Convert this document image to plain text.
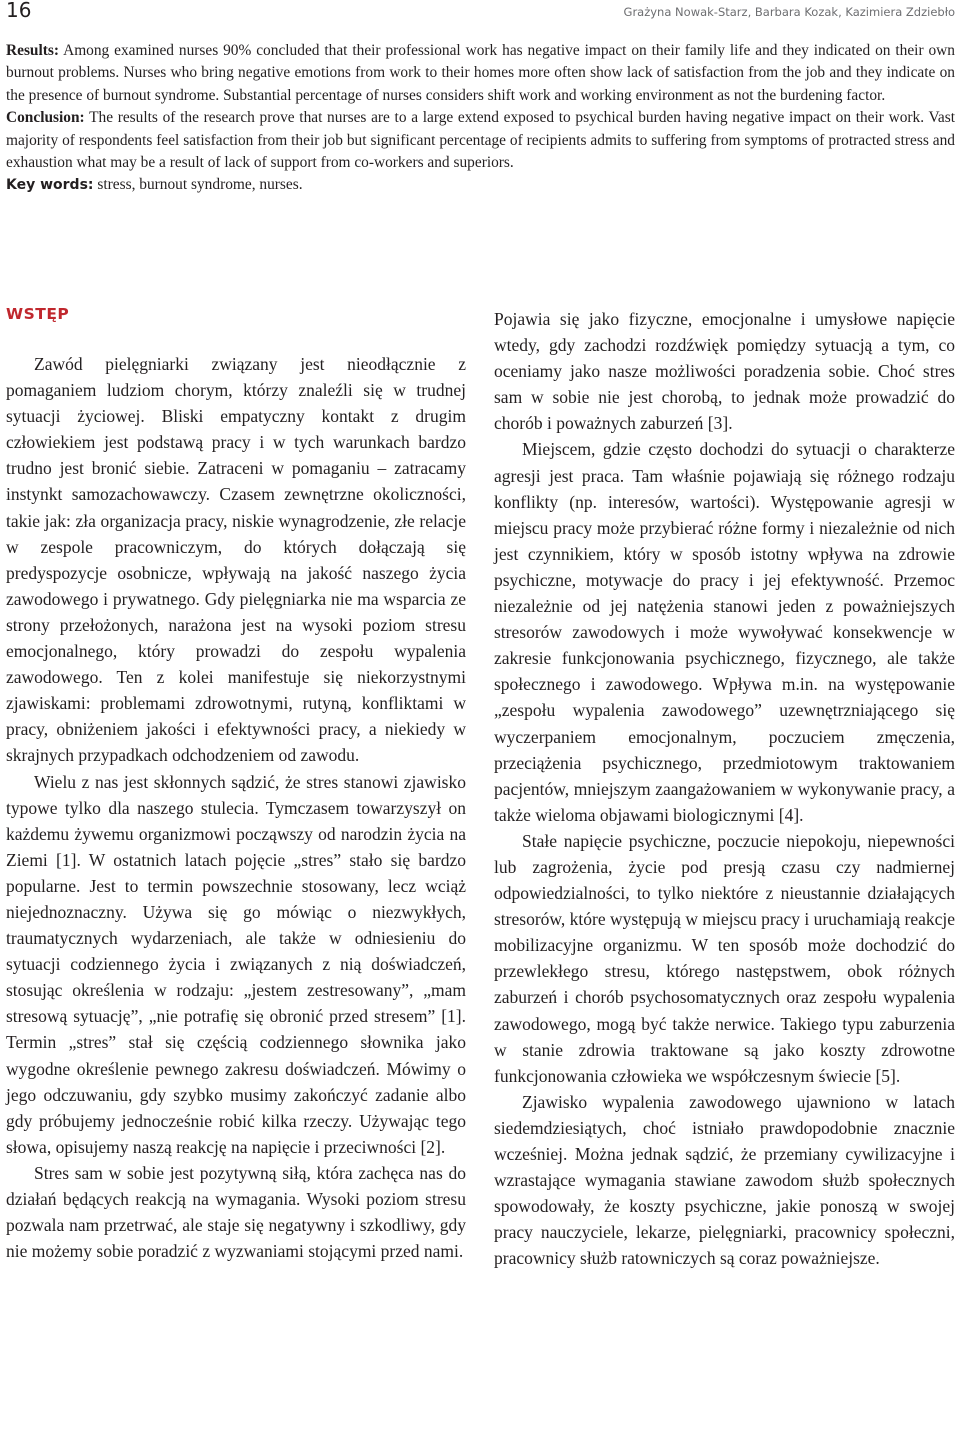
16	Grażyna Nowak-Starz, Barbara Kozak, Kazimiera Zdziebło

Results: Among examined nurses 90% concluded that their professional work has negative impact on their family life and they indicated on their own burnout problems. Nurses who bring negative emotions from work to their homes more often show lack of satisfaction from the job and they indicate on the presence of burnout syndrome. Substantial percentage of nurses considers shift work and working environment as not the burdening factor.

Conclusion: The results of the research prove that nurses are to a large extend exposed to psychical burden having negative impact on their work. Vast majority of respondents feel satisfaction from their job but significant percentage of recipients admits to suffering from symptoms of protracted stress and exhaustion what may be a result of lack of support from co-workers and superiors.

Key words: stress, burnout syndrome, nurses.

WSTĘP

Zawód pielęgniarki związany jest nieodłącznie z pomaganiem ludziom chorym, którzy znaleźli się w trudnej sytuacji życiowej. Bliski empatyczny kontakt z drugim człowiekiem jest podstawą pracy i w tych warunkach bardzo trudno jest bronić siebie. Zatraceni w pomaganiu – zatracamy instynkt samozachowawczy. Czasem zewnętrzne okoliczności, takie jak: zła organizacja pracy, niskie wynagrodzenie, złe relacje w zespole pracowniczym, do których dołączają się predyspozycje osobnicze, wpływają na jakość naszego życia zawodowego i prywatnego. Gdy pielęgniarka nie ma wsparcia ze strony przełożonych, narażona jest na wysoki poziom stresu emocjonalnego, który prowadzi do zespołu wypalenia zawodowego. Ten z kolei manifestuje się niekorzystnymi zjawiskami: problemami zdrowotnymi, rutyną, konfliktami w pracy, obniżeniem jakości i efektywności pracy, a niekiedy w skrajnych przypadkach odchodzeniem od zawodu.

Wielu z nas jest skłonnych sądzić, że stres stanowi zjawisko typowe tylko dla naszego stulecia. Tymczasem towarzyszył on każdemu żywemu organizmowi począwszy od narodzin życia na Ziemi [1]. W ostatnich latach pojęcie „stres” stało się bardzo popularne. Jest to termin powszechnie stosowany, lecz wciąż niejednoznaczny. Używa się go mówiąc o niezwykłych, traumatycznych wydarzeniach, ale także w odniesieniu do sytuacji codziennego życia i związanych z nią doświadczeń, stosując określenia w rodzaju: „jestem zestresowany”, „mam stresową sytuację”, „nie potrafię się obronić przed stresem” [1]. Termin „stres” stał się częścią codziennego słownika jako wygodne określenie pewnego zakresu doświadczeń. Mówimy o jego odczuwaniu, gdy szybko musimy zakończyć zadanie albo gdy próbujemy jednocześnie robić kilka rzeczy. Używając tego słowa, opisujemy naszą reakcję na napięcie i przeciwności [2].

Stres sam w sobie jest pozytywną siłą, która zachęca nas do działań będących reakcją na wymagania. Wysoki poziom stresu pozwala nam przetrwać, ale staje się negatywny i szkodliwy, gdy nie możemy sobie poradzić z wyzwaniami stojącymi przed nami.

Pojawia się jako fizyczne, emocjonalne i umysłowe napięcie wtedy, gdy zachodzi rozdźwięk pomiędzy sytuacją a tym, co oceniamy jako nasze możliwości poradzenia sobie. Choć stres sam w sobie nie jest chorobą, to jednak może prowadzić do chorób i poważnych zaburzeń [3].

Miejscem, gdzie często dochodzi do sytuacji o charakterze agresji jest praca. Tam właśnie pojawiają się różnego rodzaju konflikty (np. interesów, wartości). Występowanie agresji w miejscu pracy może przybierać różne formy i niezależnie od nich jest czynnikiem, który w sposób istotny wpływa na zdrowie psychiczne, motywacje do pracy i jej efektywność. Przemoc niezależnie od jej natężenia stanowi jeden z poważniejszych stresorów zawodowych i może wywoływać konsekwencje w zakresie funkcjonowania psychicznego, fizycznego, ale także społecznego i zawodowego. Wpływa m.in. na występowanie „zespołu wypalenia zawodowego” uzewnętrzniającego się wyczerpaniem emocjonalnym, poczuciem zmęczenia, przeciążenia psychicznego, przedmiotowym traktowaniem pacjentów, mniejszym zaangażowaniem w wykonywanie pracy, a także wieloma objawami biologicznymi [4].

Stałe napięcie psychiczne, poczucie niepokoju, niepewności lub zagrożenia, życie pod presją czasu czy nadmiernej odpowiedzialności, to tylko niektóre z nieustannie działających stresorów, które występują w miejscu pracy i uruchamiają reakcje mobilizacyjne organizmu. W ten sposób może dochodzić do przewlekłego stresu, którego następstwem, obok różnych zaburzeń i chorób psychosomatycznych oraz zespołu wypalenia zawodowego, mogą być także nerwice. Takiego typu zaburzenia w stanie zdrowia traktowane są jako koszty zdrowotne funkcjonowania człowieka we współczesnym świecie [5].

Zjawisko wypalenia zawodowego ujawniono w latach siedemdziesiątych, choć istniało prawdopodobnie znacznie wcześniej. Można jednak sądzić, że przemiany cywilizacyjne i wzrastające wymagania stawiane zawodom służb społecznych spowodowały, że koszty psychiczne, jakie ponoszą w swojej pracy nauczyciele, lekarze, pielęgniarki, pracownicy społeczni, pracownicy służb ratowniczych są coraz poważniejsze.
